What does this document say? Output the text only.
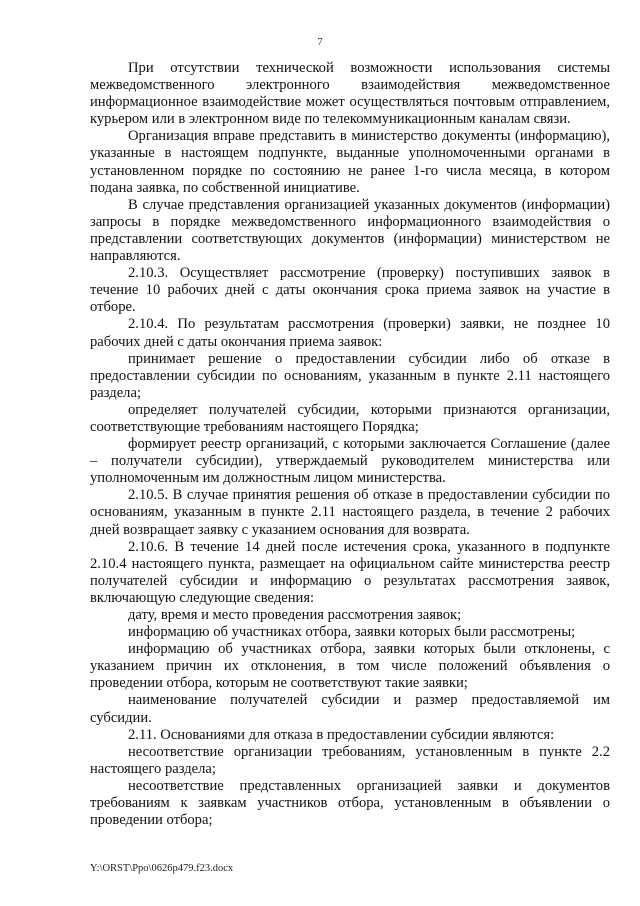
7

При отсутствии технической возможности использования системы межведомственного электронного взаимодействия межведомственное информационное взаимодействие может осуществляться почтовым отправлением, курьером или в электронном виде по телекоммуникационным каналам связи.

Организация вправе представить в министерство документы (информацию), указанные в настоящем подпункте, выданные уполномоченными органами в установленном порядке по состоянию не ранее 1-го числа месяца, в котором подана заявка, по собственной инициативе.

В случае представления организацией указанных документов (информации) запросы в порядке межведомственного информационного взаимодействия о представлении соответствующих документов (информации) министерством не направляются.

2.10.3. Осуществляет рассмотрение (проверку) поступивших заявок в течение 10 рабочих дней с даты окончания срока приема заявок на участие в отборе.

2.10.4. По результатам рассмотрения (проверки) заявки, не позднее 10 рабочих дней с даты окончания приема заявок:

принимает решение о предоставлении субсидии либо об отказе в предоставлении субсидии по основаниям, указанным в пункте 2.11 настоящего раздела;

определяет получателей субсидии, которыми признаются организации, соответствующие требованиям настоящего Порядка;

формирует реестр организаций, с которыми заключается Соглашение (далее – получатели субсидии), утверждаемый руководителем министерства или уполномоченным им должностным лицом министерства.

2.10.5. В случае принятия решения об отказе в предоставлении субсидии по основаниям, указанным в пункте 2.11 настоящего раздела, в течение 2 рабочих дней возвращает заявку с указанием основания для возврата.

2.10.6. В течение 14 дней после истечения срока, указанного в подпункте 2.10.4 настоящего пункта, размещает на официальном сайте министерства реестр получателей субсидии и информацию о результатах рассмотрения заявок, включающую следующие сведения:

дату, время и место проведения рассмотрения заявок;

информацию об участниках отбора, заявки которых были рассмотрены;

информацию об участниках отбора, заявки которых были отклонены, с указанием причин их отклонения, в том числе положений объявления о проведении отбора, которым не соответствуют такие заявки;

наименование получателей субсидии и размер предоставляемой им субсидии.

2.11. Основаниями для отказа в предоставлении субсидии являются:

несоответствие организации требованиям, установленным в пункте 2.2 настоящего раздела;

несоответствие представленных организацией заявки и документов требованиям к заявкам участников отбора, установленным в объявлении о проведении отбора;

Y:\ORST\Ppo\0626p479.f23.docx
